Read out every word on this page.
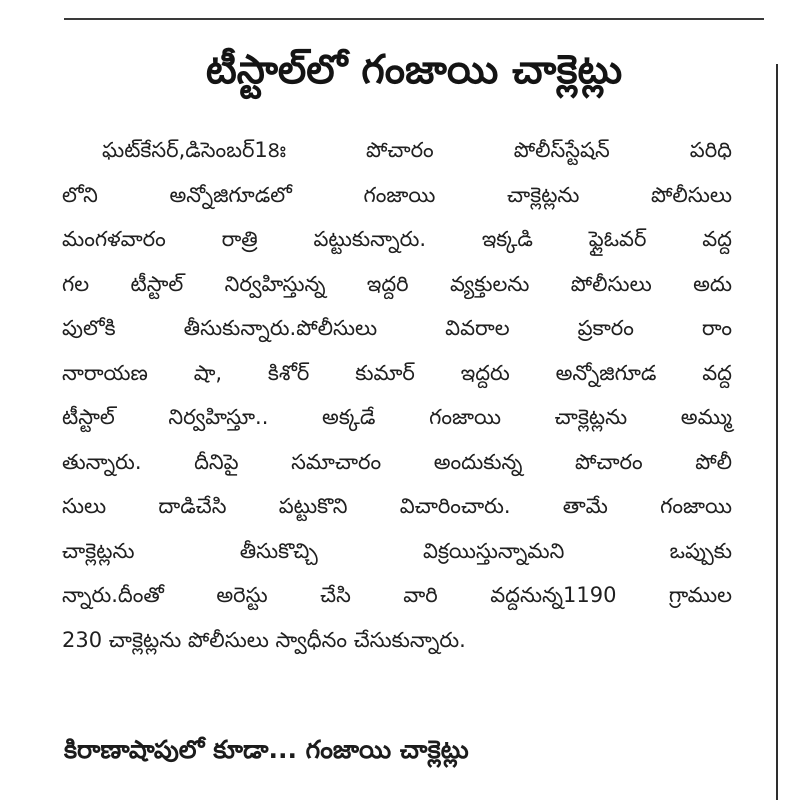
టీస్టాల్‌లో గంజాయి చాక్లెట్లు
ఘట్‌కేసర్,డిసెంబర్18ః పోచారం పోలీస్‌స్టేషన్ పరిధి
లోని అన్నోజిగూడలో గంజాయి చాక్లెట్లను పోలీసులు
మంగళవారం రాత్రి పట్టుకున్నారు. ఇక్కడి ఫ్లైఓవర్ వద్ద
గల టీస్టాల్ నిర్వహిస్తున్న ఇద్దరి వ్యక్తులను పోలీసులు అదు
పులోకి తీసుకున్నారు.పోలీసులు వివరాల ప్రకారం రాం
నారాయణ షా, కిశోర్ కుమార్ ఇద్దరు అన్నోజిగూడ వద్ద
టీస్టాల్ నిర్వహిస్తూ.. అక్కడే గంజాయి చాక్లెట్లను అమ్ము
తున్నారు. దీనిపై సమాచారం అందుకున్న పోచారం పోలీ
సులు దాడిచేసి పట్టుకొని విచారించారు. తామే గంజాయి
చాక్లెట్లను తీసుకొచ్చి విక్రయిస్తున్నామని ఒప్పుకు
న్నారు.దీంతో అరెస్టు చేసి వారి వద్దనున్న1190 గ్రాముల
230 చాక్లెట్లను పోలీసులు స్వాధీనం చేసుకున్నారు.
కిరాణాషాపులో కూడా... గంజాయి చాక్లెట్లు
